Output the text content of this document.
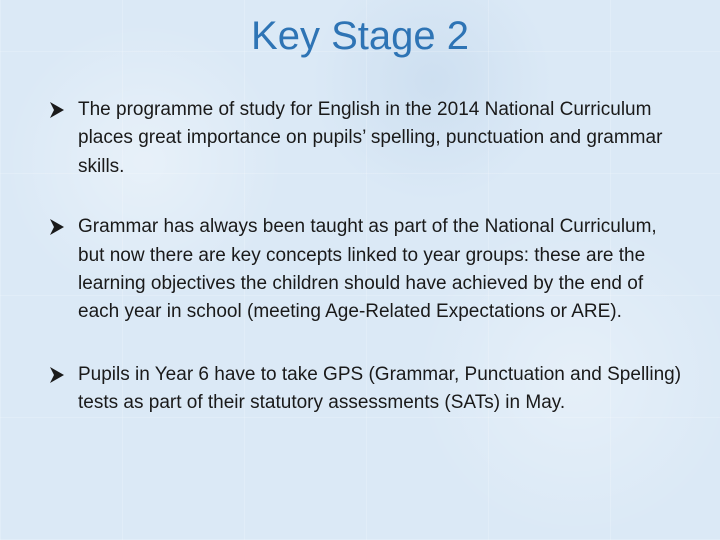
Key Stage 2
The programme of study for English in the 2014 National Curriculum places great importance on pupils’ spelling, punctuation and grammar skills.
Grammar has always been taught as part of the National Curriculum, but now there are key concepts linked to year groups: these are the learning objectives the children should have achieved by the end of each year in school (meeting Age-Related Expectations or ARE).
Pupils in Year 6 have to take GPS (Grammar, Punctuation and Spelling) tests as part of their statutory assessments (SATs) in May.
